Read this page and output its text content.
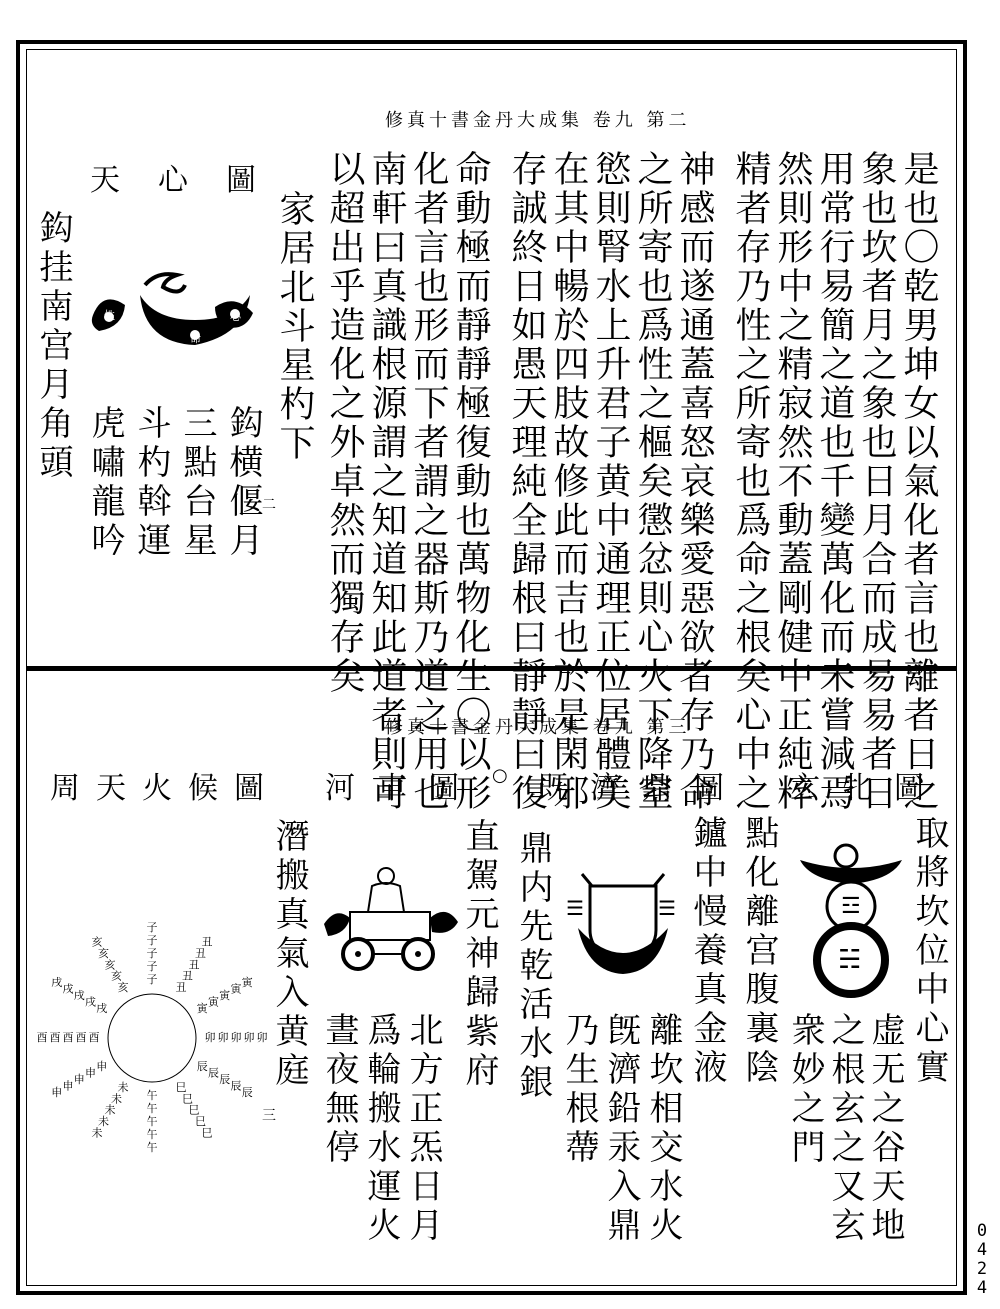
0
4
2
4
修真十書金丹大成集 卷九 第二
是也〇乾男坤女以氣化者言也離者日之
象也坎者月之象也日月合而成易易者日
用常行易簡之道也千變萬化而未嘗減焉
然則形中之精寂然不動蓋剛健中正純粹
精者存乃性之所寄也爲命之根矣心中之
神感而遂通蓋喜怒哀樂愛惡欲者存乃命
之所寄也爲性之樞矣懲忿則心火下降窒
慾則腎水上升君子黄中通理正位居體美
在其中暢於四肢故修此而吉也於是閑邪
存誠終日如愚天理純全歸根曰靜靜曰復
命動極而靜靜極復動也萬物化生〇以形
化者言也形而下者謂之器斯乃道之用也
南軒曰真識根源謂之知道知此道者則可
以超出乎造化之外卓然而獨存矣
家居北斗星杓下
天心圖
性
命
心
鈎横偃月
三點台星
斗杓斡運
虎嘯龍吟
鈎挂南宫月角頭
二
修真十書金丹大成集 卷九 第三
玄牝圖
○ 既濟鼎圖
河車圖
周天火候圖
取將坎位中心實
點化離宫腹裏陰
虚无之谷天地
之根玄之又玄
衆妙之門
☲
☵
鑪中慢養真金液
鼎内先乾活水銀
離坎相交水火
旣濟鉛汞入鼎
乃生根蔕
☰	☰
直駕元神歸紫府
北方正炁日月
爲輪搬水運火
晝夜無停
潛搬真氣入黄庭
子
子
子
子
子
丑
丑
丑
丑
丑
寅 寅 寅 寅 寅
卯 卯 卯 卯 卯
辰 辰 辰 辰 辰
巳
巳
巳
巳
巳
午
午
午
午
午
未
未
未
未
未
申
申
申
申
申
酉
酉
酉
酉
酉
戌
戌
戌
戌
戌	亥
亥
亥
亥
亥
三
